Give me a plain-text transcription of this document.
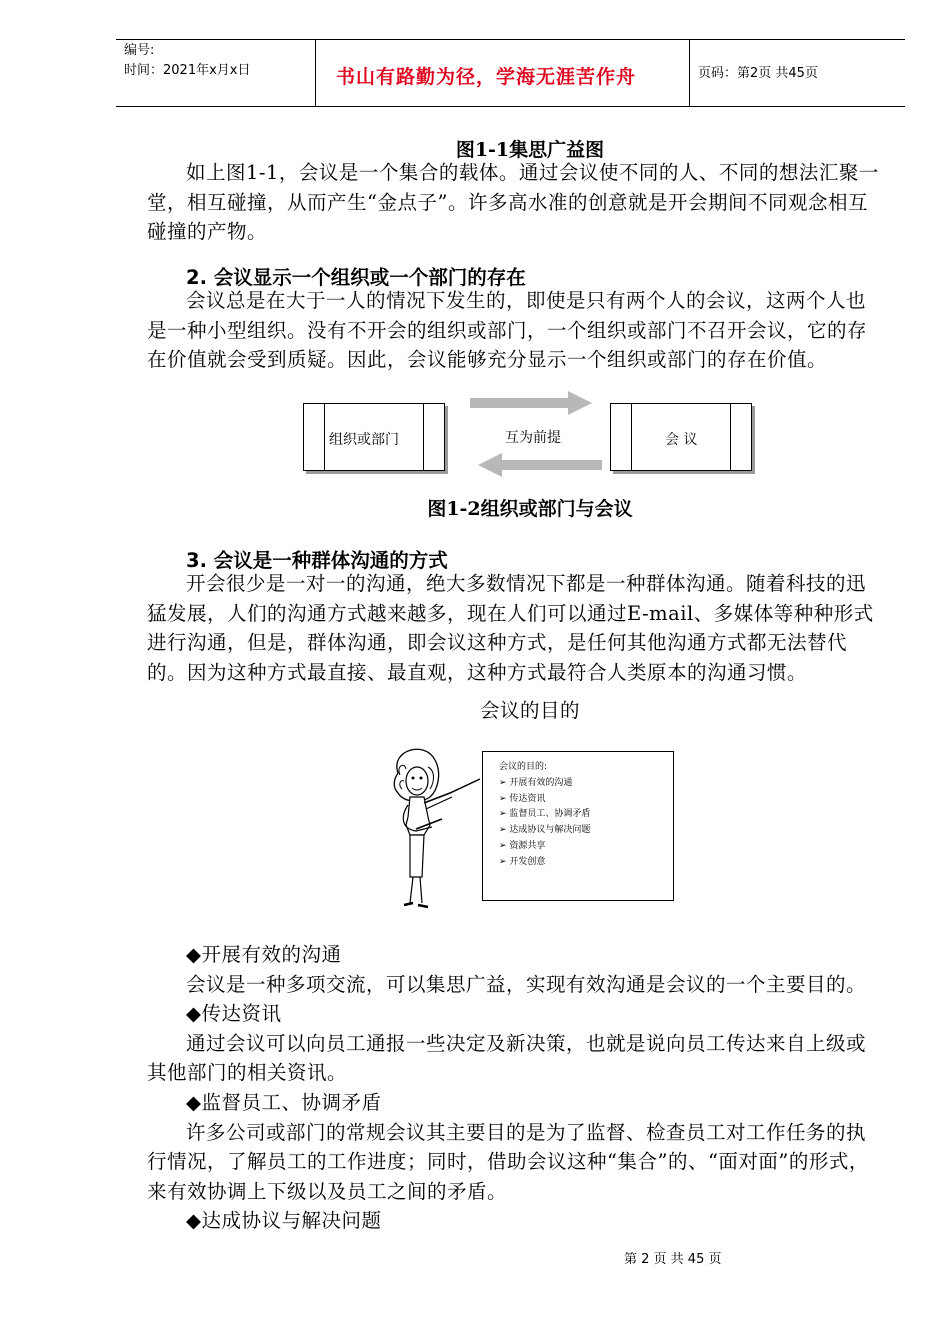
编号:
时间：2021年x月x日	书山有路勤为径，学海无涯苦作舟	页码：第2页 共45页
图1-1集思广益图

如上图1-1，会议是一个集合的载体。通过会议使不同的人、不同的想法汇聚一堂，相互碰撞，从而产生“金点子”。许多高水准的创意就是开会期间不同观念相互碰撞的产物。

2. 会议显示一个组织或一个部门的存在

会议总是在大于一人的情况下发生的，即使是只有两个人的会议，这两个人也是一种小型组织。没有不开会的组织或部门，一个组织或部门不召开会议，它的存在价值就会受到质疑。因此，会议能够充分显示一个组织或部门的存在价值。

组织或部门	会 议
互为前提
图1-2组织或部门与会议
3. 会议是一种群体沟通的方式

开会很少是一对一的沟通，绝大多数情况下都是一种群体沟通。随着科技的迅猛发展，人们的沟通方式越来越多，现在人们可以通过E-mail、多媒体等种种形式进行沟通，但是，群体沟通，即会议这种方式，是任何其他沟通方式都无法替代的。因为这种方式最直接、最直观，这种方式最符合人类原本的沟通习惯。

会议的目的
会议的目的:
➢ 开展有效的沟通
➢ 传达资讯
➢ 监督员工、协调矛盾
➢ 达成协议与解决问题
➢ 资源共享
➢ 开发创意

◆开展有效的沟通

会议是一种多项交流，可以集思广益，实现有效沟通是会议的一个主要目的。

◆传达资讯

通过会议可以向员工通报一些决定及新决策，也就是说向员工传达来自上级或其他部门的相关资讯。

◆监督员工、协调矛盾

许多公司或部门的常规会议其主要目的是为了监督、检查员工对工作任务的执行情况，了解员工的工作进度；同时，借助会议这种“集合”的、“面对面”的形式，来有效协调上下级以及员工之间的矛盾。

◆达成协议与解决问题

第 2 页 共 45 页
